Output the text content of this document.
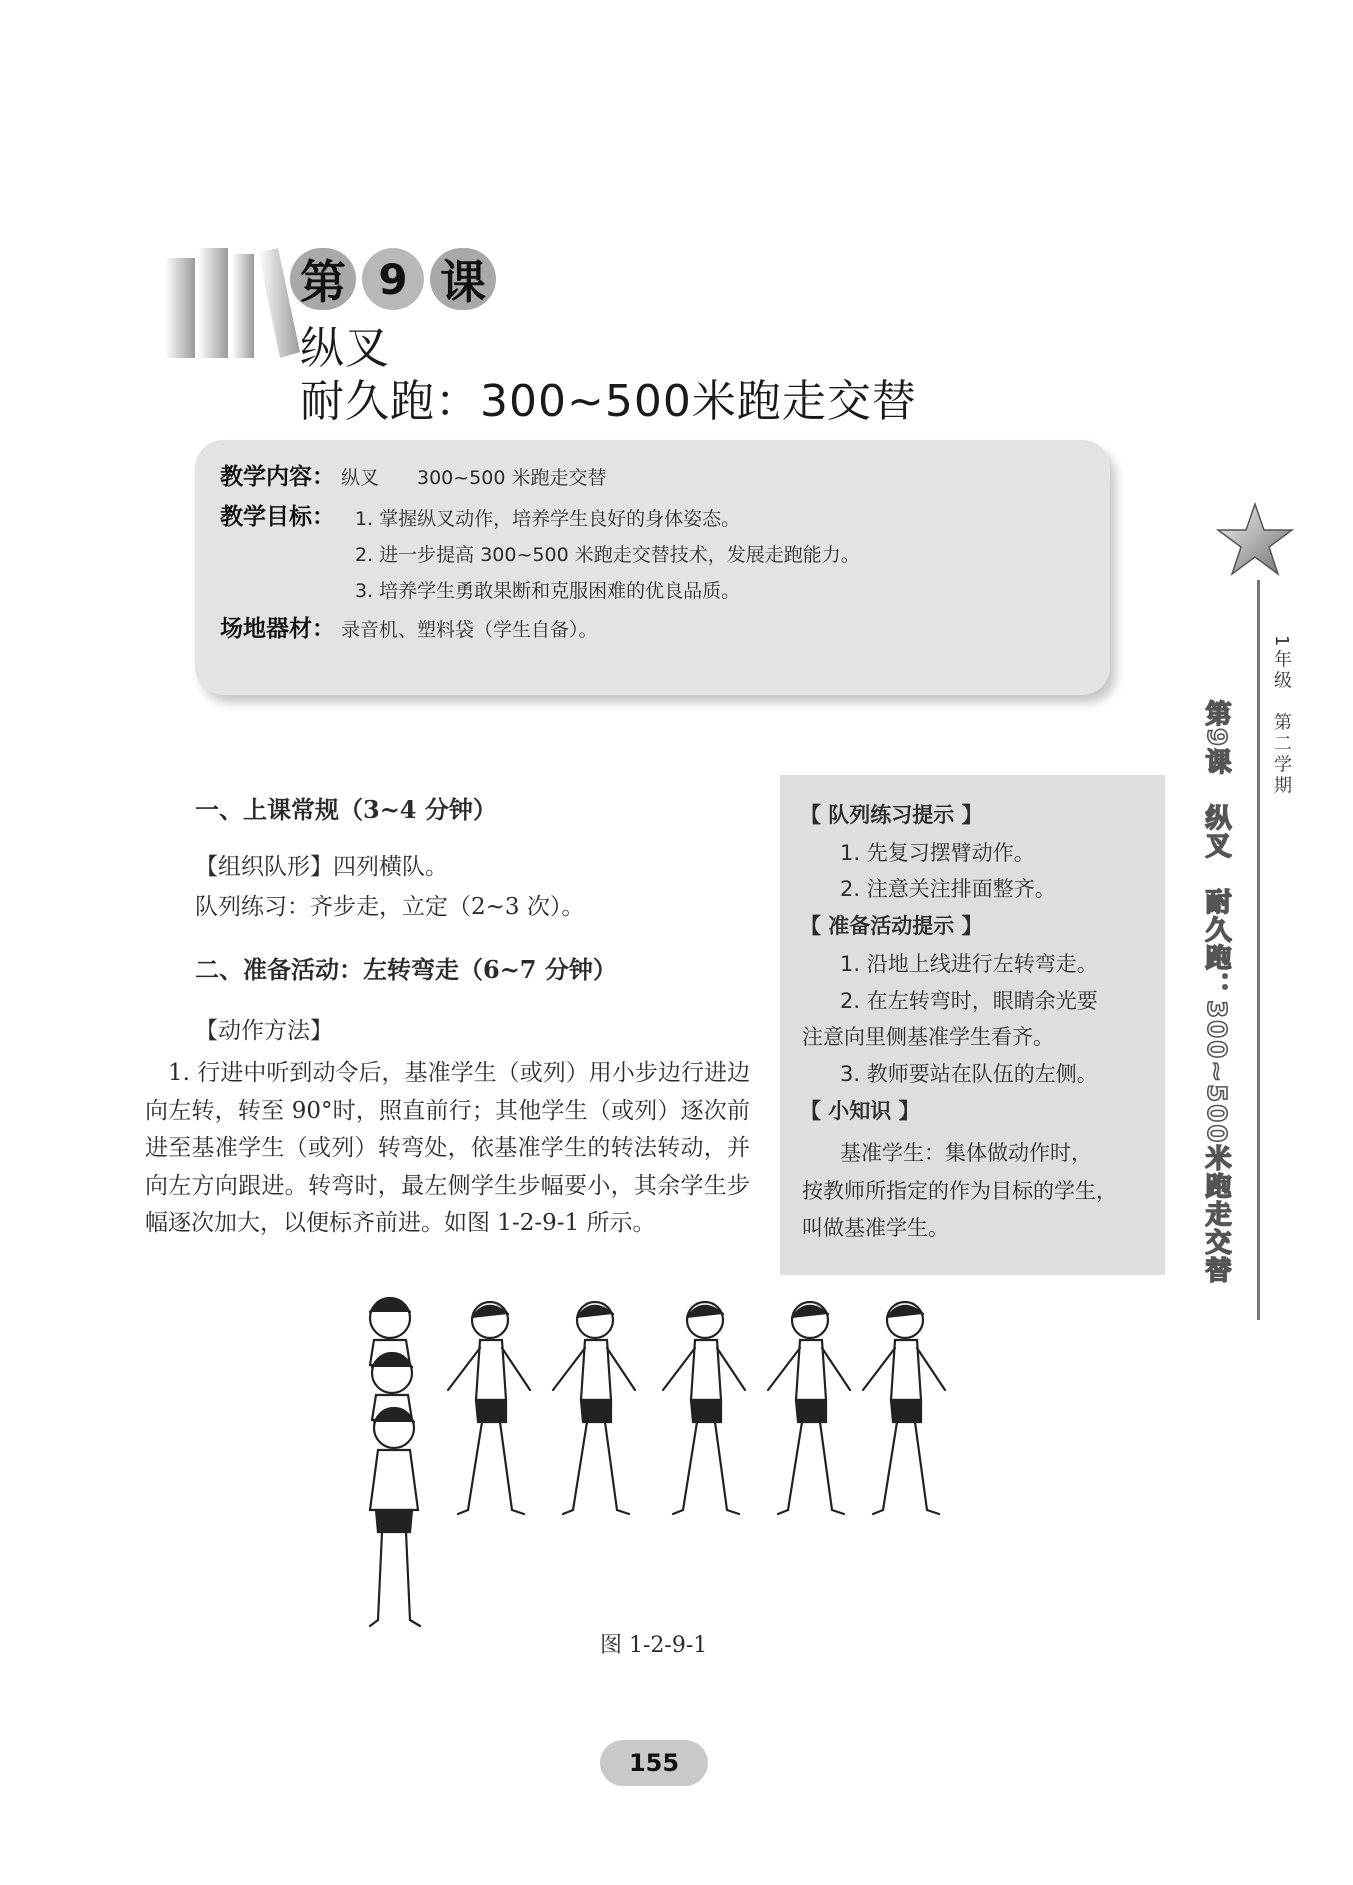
第 9 课
纵叉
耐久跑：300~500米跑走交替
教学内容： 纵叉　　300~500 米跑走交替
教学目标：	1. 掌握纵叉动作，培养学生良好的身体姿态。
2. 进一步提高 300~500 米跑走交替技术，发展走跑能力。
3. 培养学生勇敢果断和克服困难的优良品质。
场地器材： 录音机、塑料袋（学生自备）。
一、上课常规（3~4 分钟）
【组织队形】四列横队。
队列练习：齐步走，立定（2~3 次）。
二、准备活动：左转弯走（6~7 分钟）
【动作方法】
1. 行进中听到动令后，基准学生（或列）用小步边行进边向左转，转至 90°时，照直前行；其他学生（或列）逐次前进至基准学生（或列）转弯处，依基准学生的转法转动，并向左方向跟进。转弯时，最左侧学生步幅要小，其余学生步幅逐次加大，以便标齐前进。如图 1-2-9-1 所示。
【 队列练习提示 】
1. 先复习摆臂动作。
2. 注意关注排面整齐。
【 准备活动提示 】
1. 沿地上线进行左转弯走。
2. 在左转弯时，眼睛余光要
注意向里侧基准学生看齐。
3. 教师要站在队伍的左侧。
【 小知识 】
基准学生：集体做动作时，
按教师所指定的作为目标的学生，
叫做基准学生。
1年级　第二学期
第9课　纵叉　耐久跑：300~500米跑走交替
图 1-2-9-1
155
